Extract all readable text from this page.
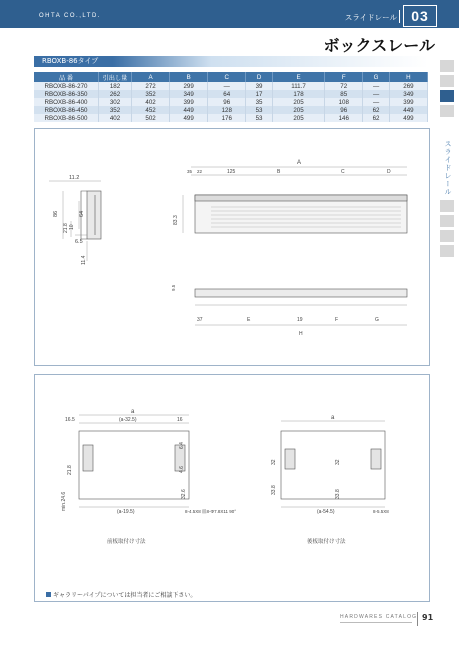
OHTA CO.,LTD.	スライドレール	03
ボックスレール
RBOXB-86タイプ
品 番	引出し量	A	B	C	D	E	F	G	H
RBOXB-86-270	182	272	299	—	39	111.7	72	—	269
RBOXB-86-350	262	352	349	64	17	178	85	—	349
RBOXB-86-400	302	402	399	96	35	205	108	—	399
RBOXB-86-450	352	452	449	128	53	205	96	62	449
RBOXB-86-500	402	502	499	176	53	205	146	62	499
11.2
86	64
21.8 10
6.5
11.4
A
35 22	125	B	C	D
83.3
9.5
37	E	19	F	G
H
a
16.5	(a-32.5)	16
21.8
min.24.6
(a-19.5)
6.4
4.6
32.6
8-4.5X8 皿8-Φ7.8X11 90°
a
32	32
33.8	33.8
(a-54.5)	8-5.5X8
前板取付け寸法	後板取付け寸法
ギャラリーパイプについては担当者にご相談下さい。
スライドレール
HARDWARES CATALOG 91
